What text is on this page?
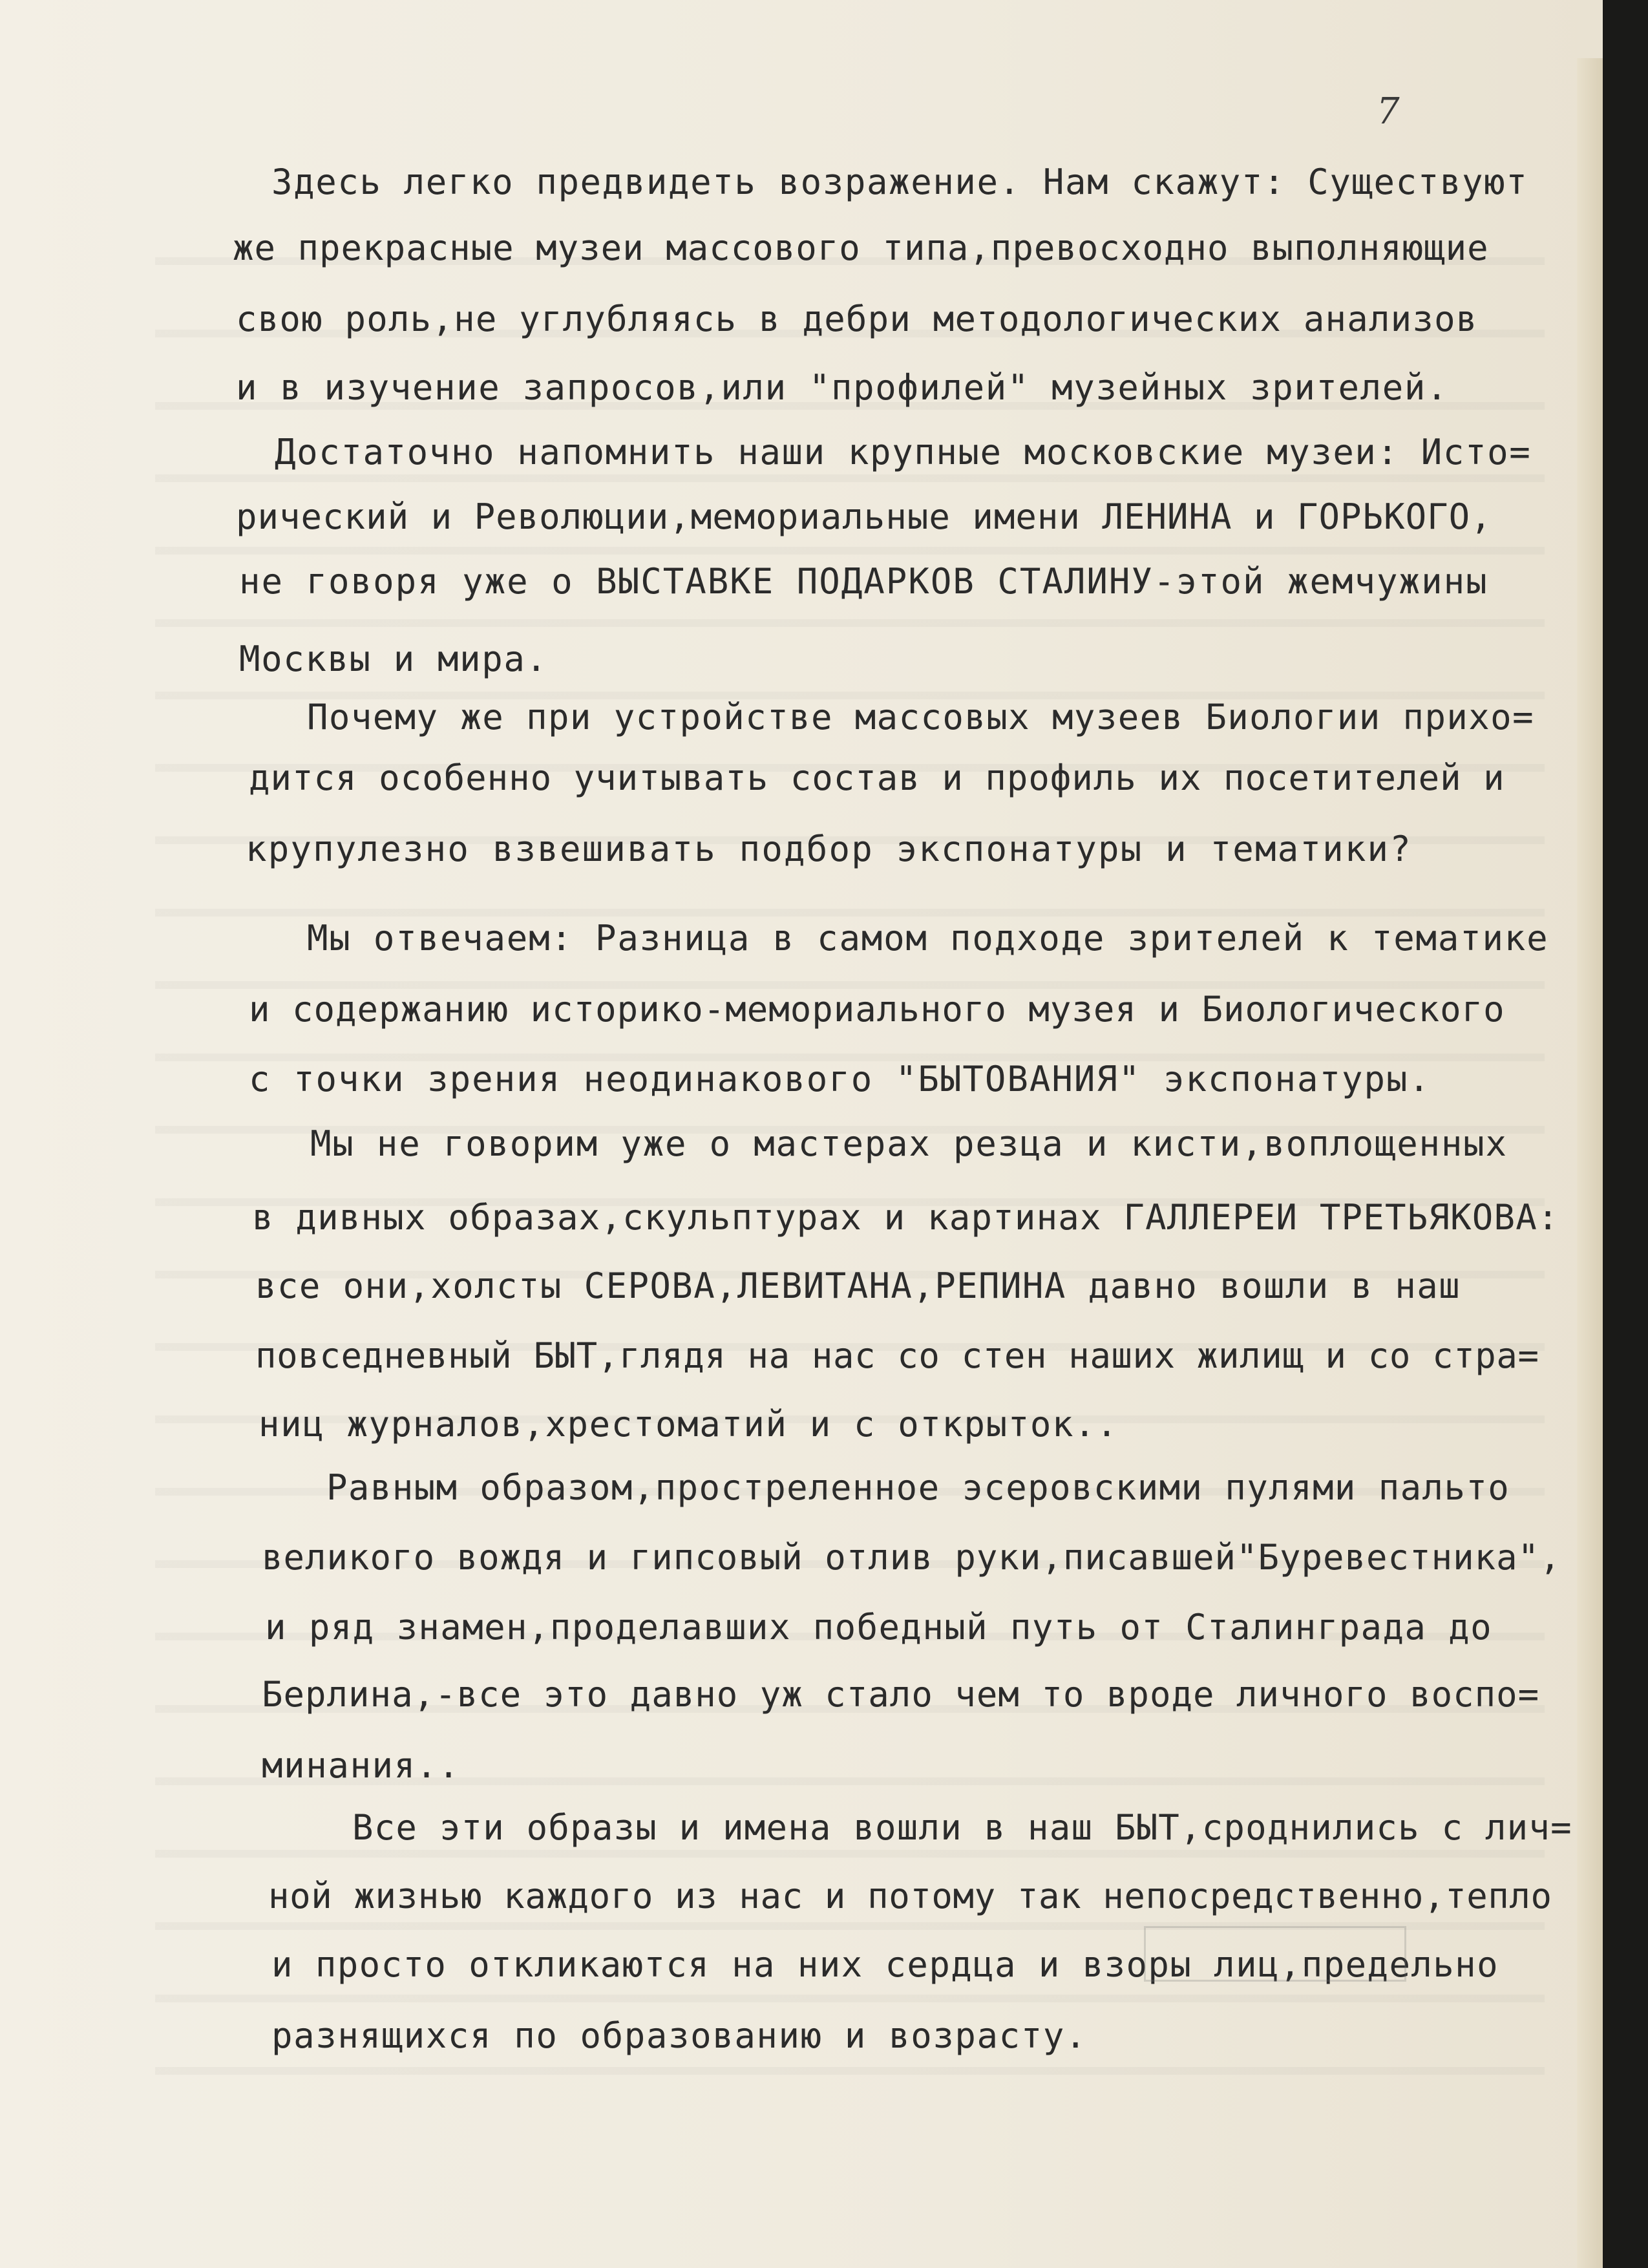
7
Здесь легко предвидеть возражение. Нам скажут: Существуют
же прекрасные музеи массового типа,превосходно выполняющие
свою роль,не углубляясь в дебри методологических анализов
и в изучение запросов,или "профилей" музейных зрителей.
Достаточно напомнить наши крупные московские музеи: Исто=
рический и Революции,мемориальные имени ЛЕНИНА и ГОРЬКОГО,
не говоря уже о ВЫСТАВКЕ ПОДАРКОВ СТАЛИНУ-этой жемчужины
Москвы и мира.
Почему же при устройстве массовых музеев Биологии прихо=
дится особенно учитывать состав и профиль их посетителей и
крупулезно взвешивать подбор экспонатуры и тематики?
Мы отвечаем: Разница в самом подходе зрителей к тематике
и содержанию историко-мемориального музея и Биологического
с точки зрения неодинакового "БЫТОВАНИЯ" экспонатуры.
Мы не говорим уже о мастерах резца и кисти,воплощенных
в дивных образах,скульптурах и картинах ГАЛЛЕРЕИ ТРЕТЬЯКОВА:
все они,холсты СЕРОВА,ЛЕВИТАНА,РЕПИНА давно вошли в наш
повседневный БЫТ,глядя на нас со стен наших жилищ и со стра=
ниц журналов,хрестоматий и с открыток..
Равным образом,простреленное эсеровскими пулями пальто
великого вождя и гипсовый отлив руки,писавшей"Буревестника",
и ряд знамен,проделавших победный путь от Сталинграда до
Берлина,-все это давно уж стало чем то вроде личного воспо=
минания..
Все эти образы и имена вошли в наш БЫТ,сроднились с лич=
ной жизнью каждого из нас и потому так непосредственно,тепло
и просто откликаются на них сердца и взоры лиц,предельно
разнящихся по образованию и возрасту.
